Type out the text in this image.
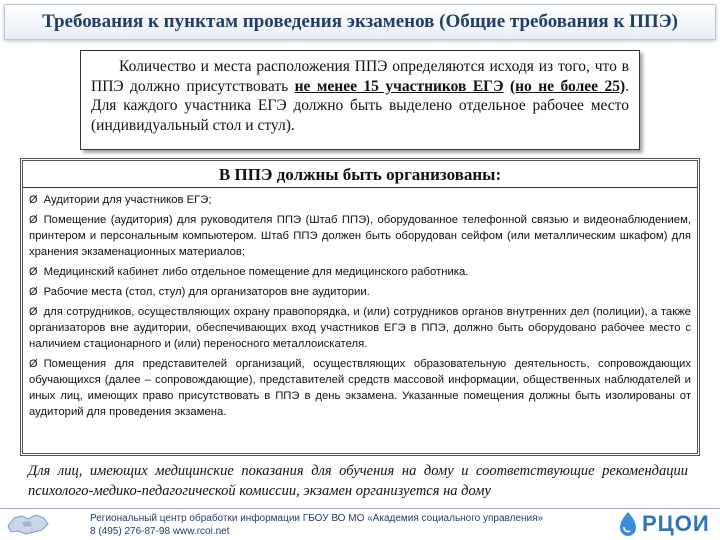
Требования к пунктам проведения экзаменов (Общие требования к ППЭ)
Количество и места расположения ППЭ определяются исходя из того, что в ППЭ должно присутствовать не менее 15 участников ЕГЭ (но не более 25). Для каждого участника ЕГЭ должно быть выделено отдельное рабочее место (индивидуальный стол и стул).
В ППЭ должны быть организованы:
Ø Аудитории для участников ЕГЭ;
Ø Помещение (аудитория) для руководителя ППЭ (Штаб ППЭ), оборудованное телефонной связью и видеонаблюдением, принтером и персональным компьютером. Штаб ППЭ должен быть оборудован сейфом (или металлическим шкафом) для хранения экзаменационных материалов;
Ø Медицинский кабинет либо отдельное помещение для медицинского работника.
Ø Рабочие места (стол, стул) для организаторов вне аудитории.
Ø для сотрудников, осуществляющих охрану правопорядка, и (или) сотрудников органов внутренних дел (полиции), а также организаторов вне аудитории, обеспечивающих вход участников ЕГЭ в ППЭ, должно быть оборудовано рабочее место с наличием стационарного и (или) переносного металлоискателя.
Ø Помещения для представителей организаций, осуществляющих образовательную деятельность, сопровождающих обучающихся (далее – сопровождающие), представителей средств массовой информации, общественных наблюдателей и иных лиц, имеющих право присутствовать в ППЭ в день экзамена. Указанные помещения должны быть изолированы от аудиторий для проведения экзамена.
Для лиц, имеющих медицинские показания для обучения на дому и соответствующие рекомендации психолого-медико-педагогической комиссии, экзамен организуется на дому
Региональный центр обработки информации ГБОУ ВО МО «Академия социального управления»
8 (495) 276-87-98 www.rcoi.net	РЦОИ
